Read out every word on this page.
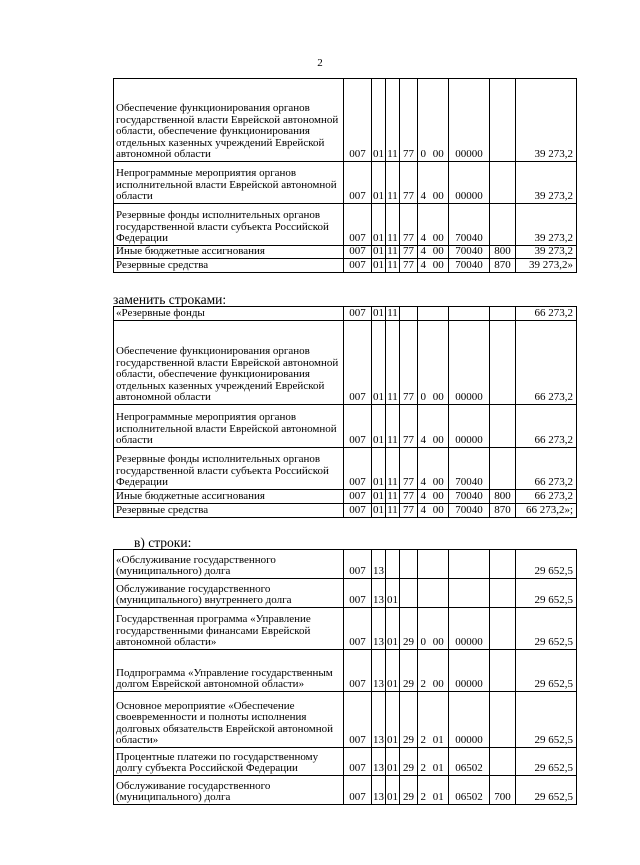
2
Обеспечение функционирования органов государственной власти Еврейской автономной области, обеспечение функционирования отдельных казенных учреждений Еврейской автономной области	007	01	11	77	0	00	00000		39 273,2
Непрограммные мероприятия органов исполнительной власти Еврейской автономной области	007	01	11	77	4	00	00000		39 273,2
Резервные фонды исполнительных органов государственной власти субъекта Российской Федерации	007	01	11	77	4	00	70040		39 273,2
Иные бюджетные ассигнования	007	01	11	77	4	00	70040	800	39 273,2
Резервные средства	007	01	11	77	4	00	70040	870	39 273,2»
заменить строками:
«Резервные фонды	007	01	11						66 273,2
Обеспечение функционирования органов государственной власти Еврейской автономной области, обеспечение функционирования отдельных казенных учреждений Еврейской автономной области	007	01	11	77	0	00	00000		66 273,2
Непрограммные мероприятия органов исполнительной власти Еврейской автономной области	007	01	11	77	4	00	00000		66 273,2
Резервные фонды исполнительных органов государственной власти субъекта Российской Федерации	007	01	11	77	4	00	70040		66 273,2
Иные бюджетные ассигнования	007	01	11	77	4	00	70040	800	66 273,2
Резервные средства	007	01	11	77	4	00	70040	870	66 273,2»;
в) строки:
«Обслуживание государственного (муниципального) долга	007	13							29 652,5
Обслуживание государственного (муниципального) внутреннего долга	007	13	01						29 652,5
Государственная программа «Управление государственными финансами Еврейской автономной области»	007	13	01	29	0	00	00000		29 652,5
Подпрограмма «Управление государственным долгом Еврейской автономной области»	007	13	01	29	2	00	00000		29 652,5
Основное мероприятие «Обеспечение своевременности и полноты исполнения долговых обязательств Еврейской автономной области»	007	13	01	29	2	01	00000		29 652,5
Процентные платежи по государственному долгу субъекта Российской Федерации	007	13	01	29	2	01	06502		29 652,5
Обслуживание государственного (муниципального) долга	007	13	01	29	2	01	06502	700	29 652,5
